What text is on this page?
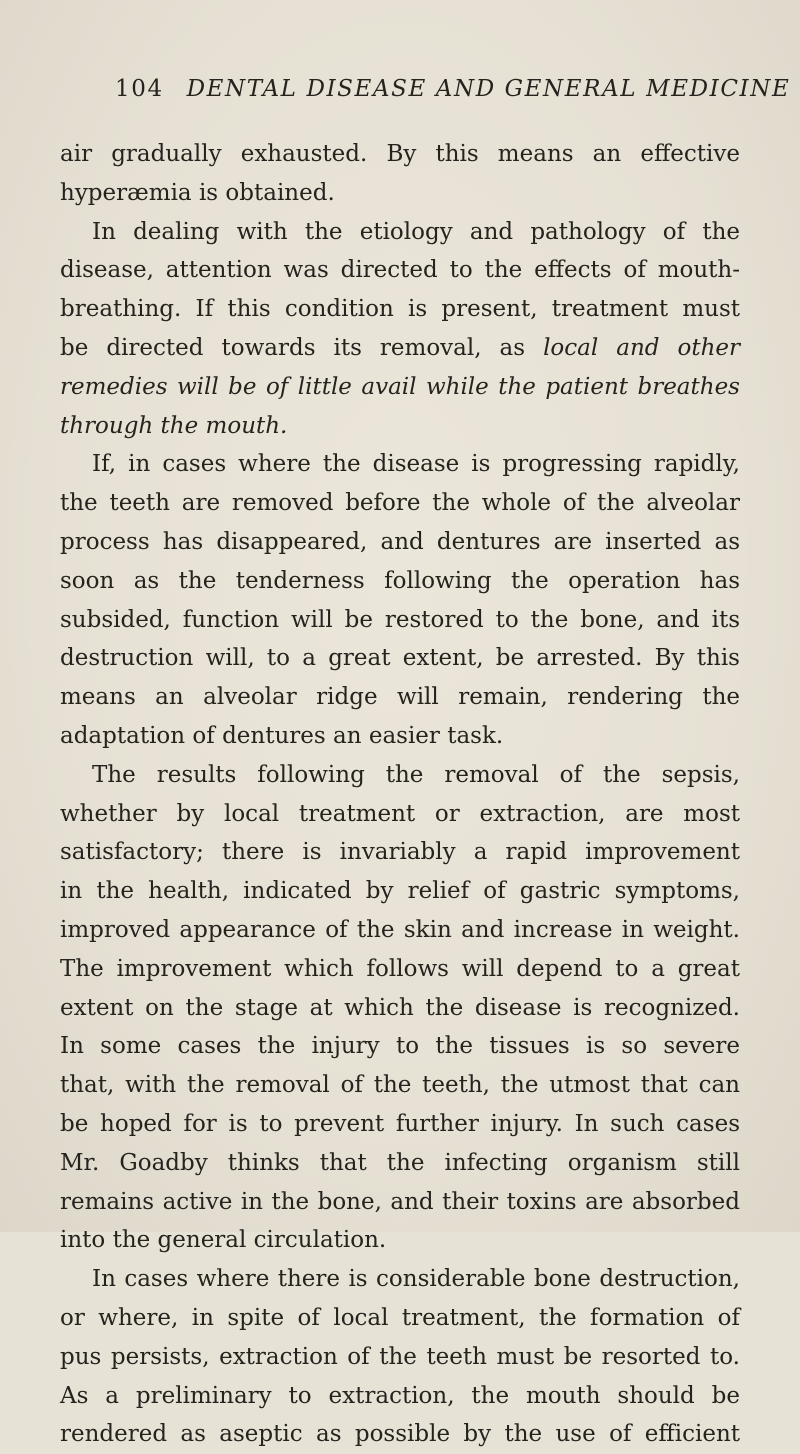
104 DENTAL DISEASE AND GENERAL MEDICINE
air gradually exhausted. By this means an effective
hyperæmia is obtained.
In dealing with the etiology and pathology of the
disease, attention was directed to the effects of mouth-
breathing. If this condition is present, treatment must
be directed towards its removal, as local and other
remedies will be of little avail while the patient breathes
through the mouth.
If, in cases where the disease is progressing rapidly,
the teeth are removed before the whole of the alveolar
process has disappeared, and dentures are inserted as
soon as the tenderness following the operation has
subsided, function will be restored to the bone, and its
destruction will, to a great extent, be arrested. By this
means an alveolar ridge will remain, rendering the
adaptation of dentures an easier task.
The results following the removal of the sepsis,
whether by local treatment or extraction, are most
satisfactory; there is invariably a rapid improvement
in the health, indicated by relief of gastric symptoms,
improved appearance of the skin and increase in weight.
The improvement which follows will depend to a great
extent on the stage at which the disease is recognized.
In some cases the injury to the tissues is so severe
that, with the removal of the teeth, the utmost that can
be hoped for is to prevent further injury. In such cases
Mr. Goadby thinks that the infecting organism still
remains active in the bone, and their toxins are absorbed
into the general circulation.
In cases where there is considerable bone destruction,
or where, in spite of local treatment, the formation of
pus persists, extraction of the teeth must be resorted to.
As a preliminary to extraction, the mouth should be
rendered as aseptic as possible by the use of efficient
